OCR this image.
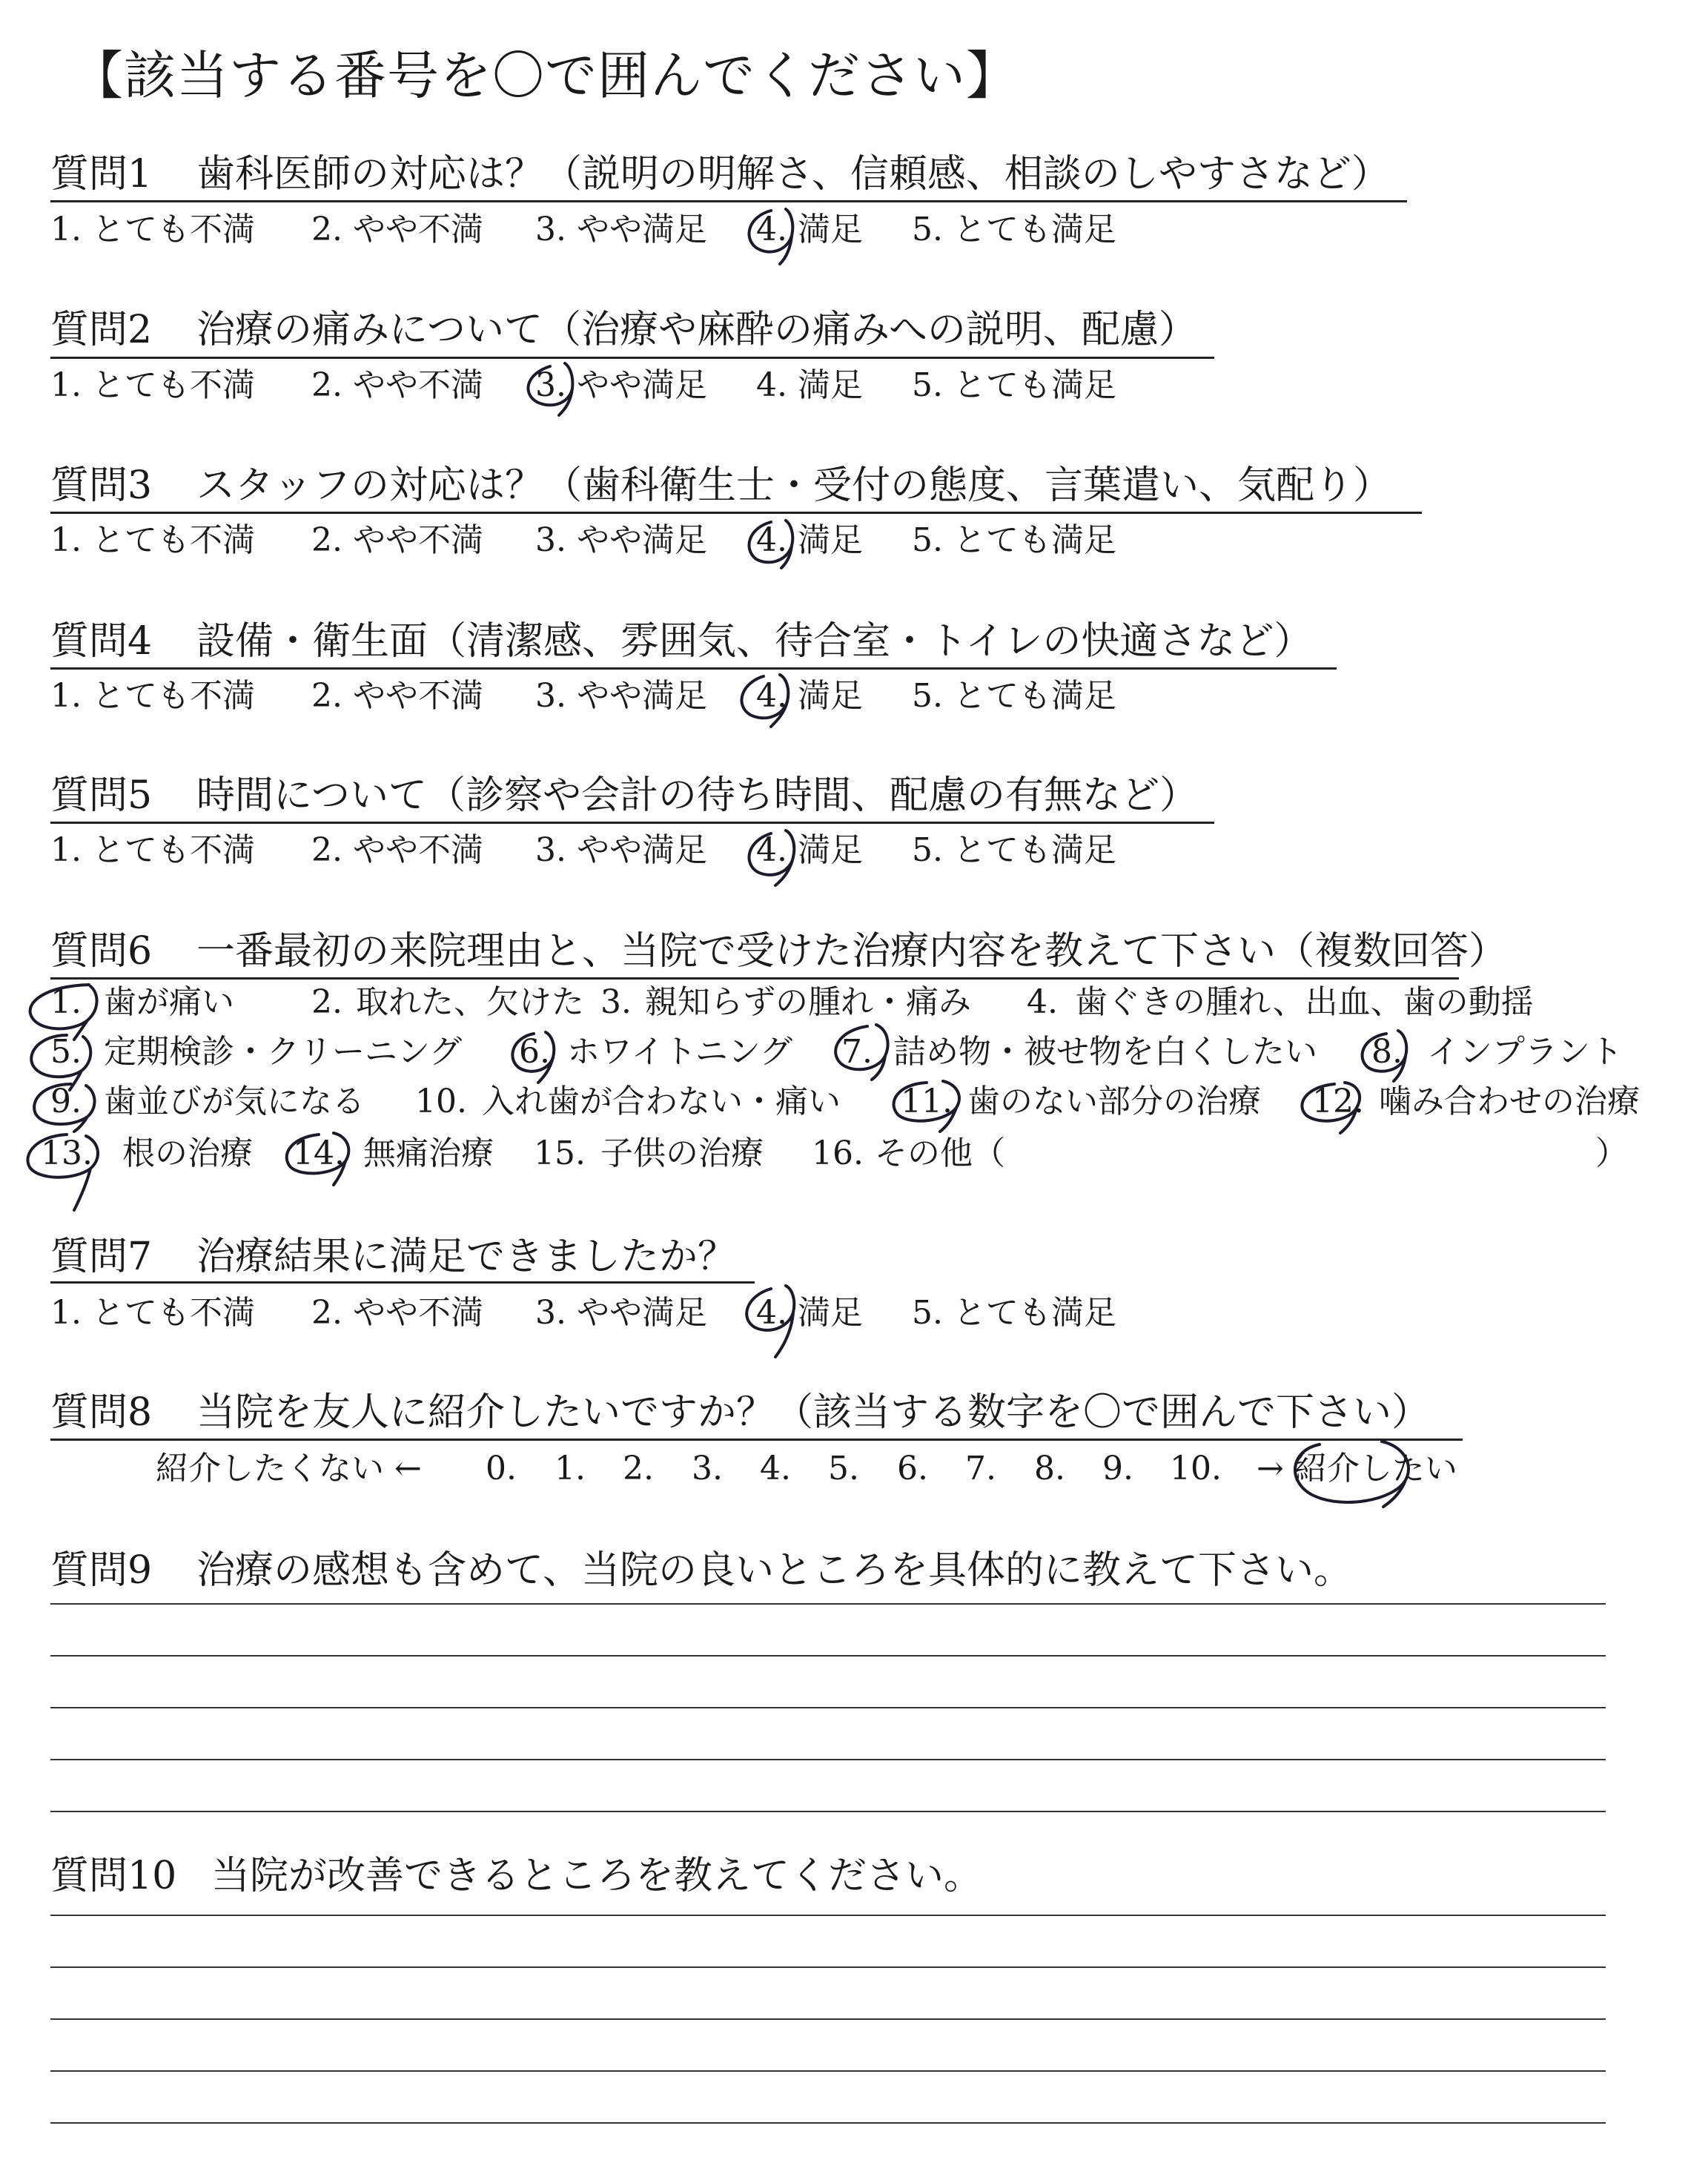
【該当する番号を〇で囲んでください】
質問1 歯科医師の対応は？（説明の明解さ、信頼感、相談のしやすさなど）
1. とても不満 2. やや不満 3. やや満足 4. 満足 5. とても満足
質問2 治療の痛みについて（治療や麻酔の痛みへの説明、配慮）
1. とても不満 2. やや不満 3. やや満足 4. 満足 5. とても満足
質問3 スタッフの対応は？（歯科衛生士・受付の態度、言葉遣い、気配り）
1. とても不満 2. やや不満 3. やや満足 4. 満足 5. とても満足
質問4 設備・衛生面（清潔感、雰囲気、待合室・トイレの快適さなど）
1. とても不満 2. やや不満 3. やや満足 4. 満足 5. とても満足
質問5 時間について（診察や会計の待ち時間、配慮の有無など）
1. とても不満 2. やや不満 3. やや満足 4. 満足 5. とても満足
質問6 一番最初の来院理由と、当院で受けた治療内容を教えて下さい（複数回答）
1. 歯が痛い 2. 取れた、欠けた 3. 親知らずの腫れ・痛み 4. 歯ぐきの腫れ、出血、歯の動揺
5. 定期検診・クリーニング 6. ホワイトニング 7. 詰め物・被せ物を白くしたい 8. インプラント
9. 歯並びが気になる 10. 入れ歯が合わない・痛い 11. 歯のない部分の治療 12. 噛み合わせの治療
13. 根の治療 14. 無痛治療 15. 子供の治療 16. その他（	）
質問7 治療結果に満足できましたか？
1. とても不満 2. やや不満 3. やや満足 4. 満足 5. とても満足
質問8 当院を友人に紹介したいですか？（該当する数字を〇で囲んで下さい）
紹介したくない ← 0. 1. 2. 3. 4. 5. 6. 7. 8. 9. 10. → 紹介したい
質問9 治療の感想も含めて、当院の良いところを具体的に教えて下さい。
質問10 当院が改善できるところを教えてください。
